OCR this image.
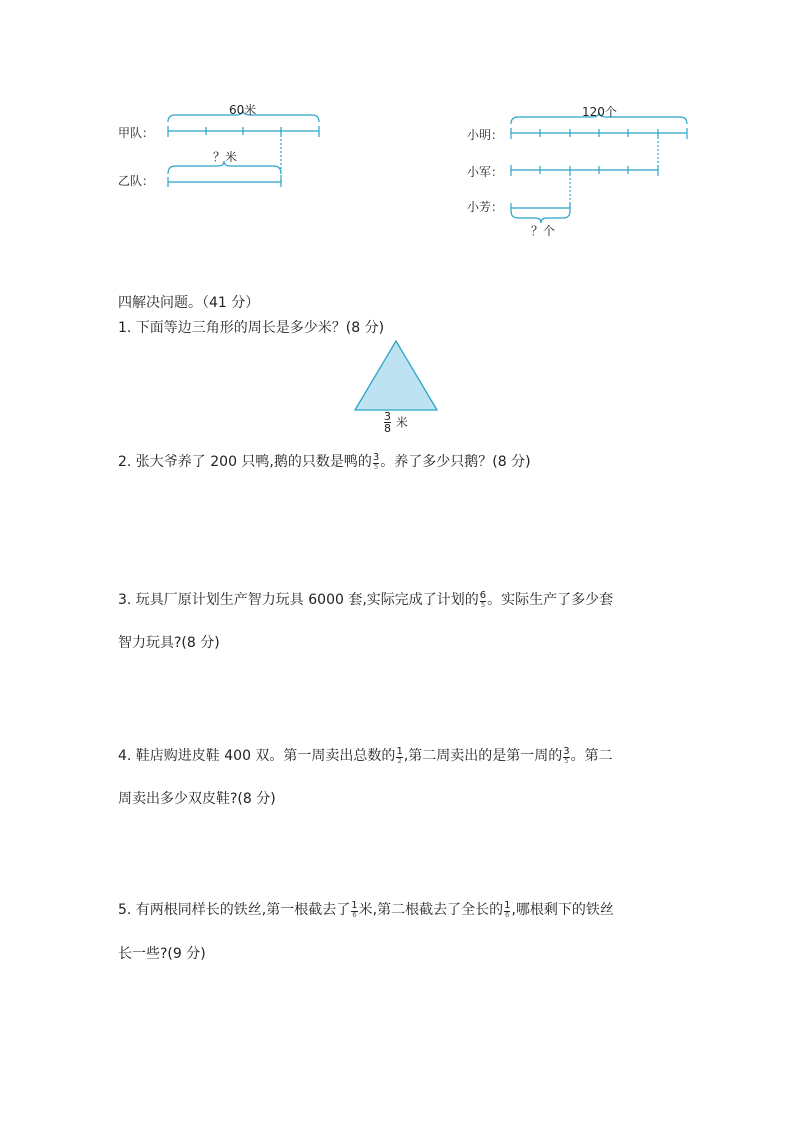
60米
？米
甲队：
乙队：
120个
小明：
小军：
小芳：
？个
四解决问题。（41 分）
1. 下面等边三角形的周长是多少米？(8 分)
$\frac{3}{8}$ 米
2. 张大爷养了 200 只鸭,鹅的只数是鸭的 $\frac{3}{5}$ 。养了多少只鹅？(8 分)
3. 玩具厂原计划生产智力玩具 6000 套,实际完成了计划的 $\frac{6}{5}$ 。实际生产了多少套
智力玩具?(8 分)
4. 鞋店购进皮鞋 400 双。第一周卖出总数的 $\frac{1}{2}$ ,第二周卖出的是第一周的 $\frac{3}{5}$ 。第二
周卖出多少双皮鞋?(8 分)
5. 有两根同样长的铁丝,第一根截去了 $\frac{1}{6}$ 米,第二根截去了全长的 $\frac{1}{6}$ ,哪根剩下的铁丝
长一些?(9 分)
